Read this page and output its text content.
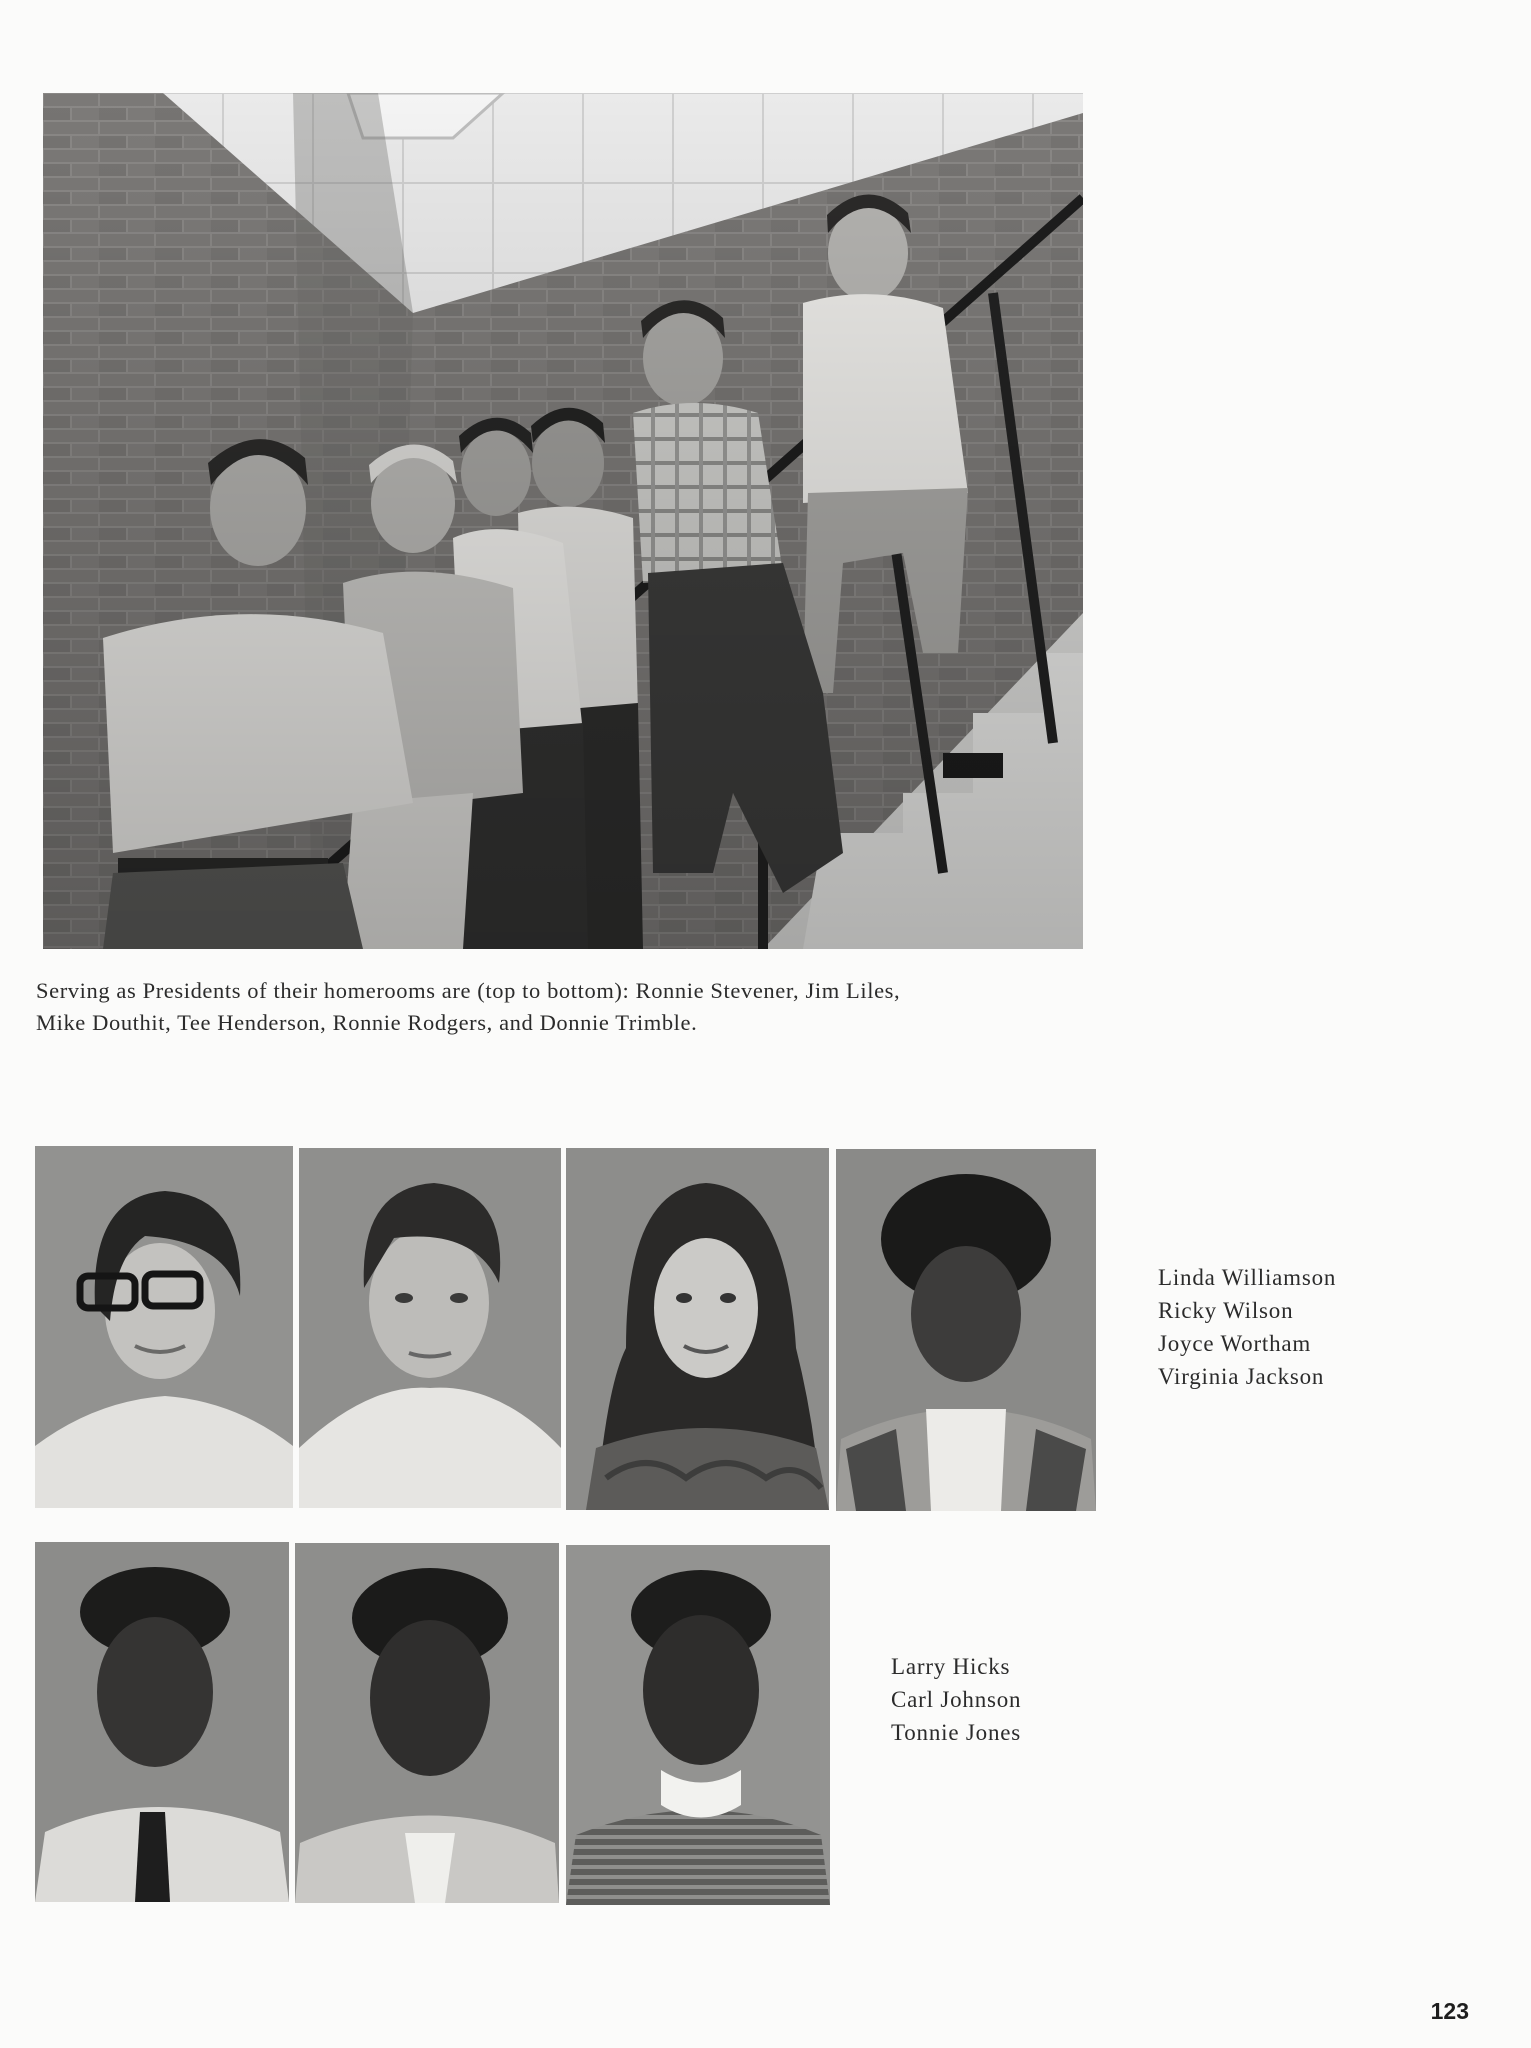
Serving as Presidents of their homerooms are (top to bottom): Ronnie Stevener, Jim Liles,
Mike Douthit, Tee Henderson, Ronnie Rodgers, and Donnie Trimble.
Linda Williamson
Ricky Wilson
Joyce Wortham
Virginia Jackson
Larry Hicks
Carl Johnson
Tonnie Jones
123
